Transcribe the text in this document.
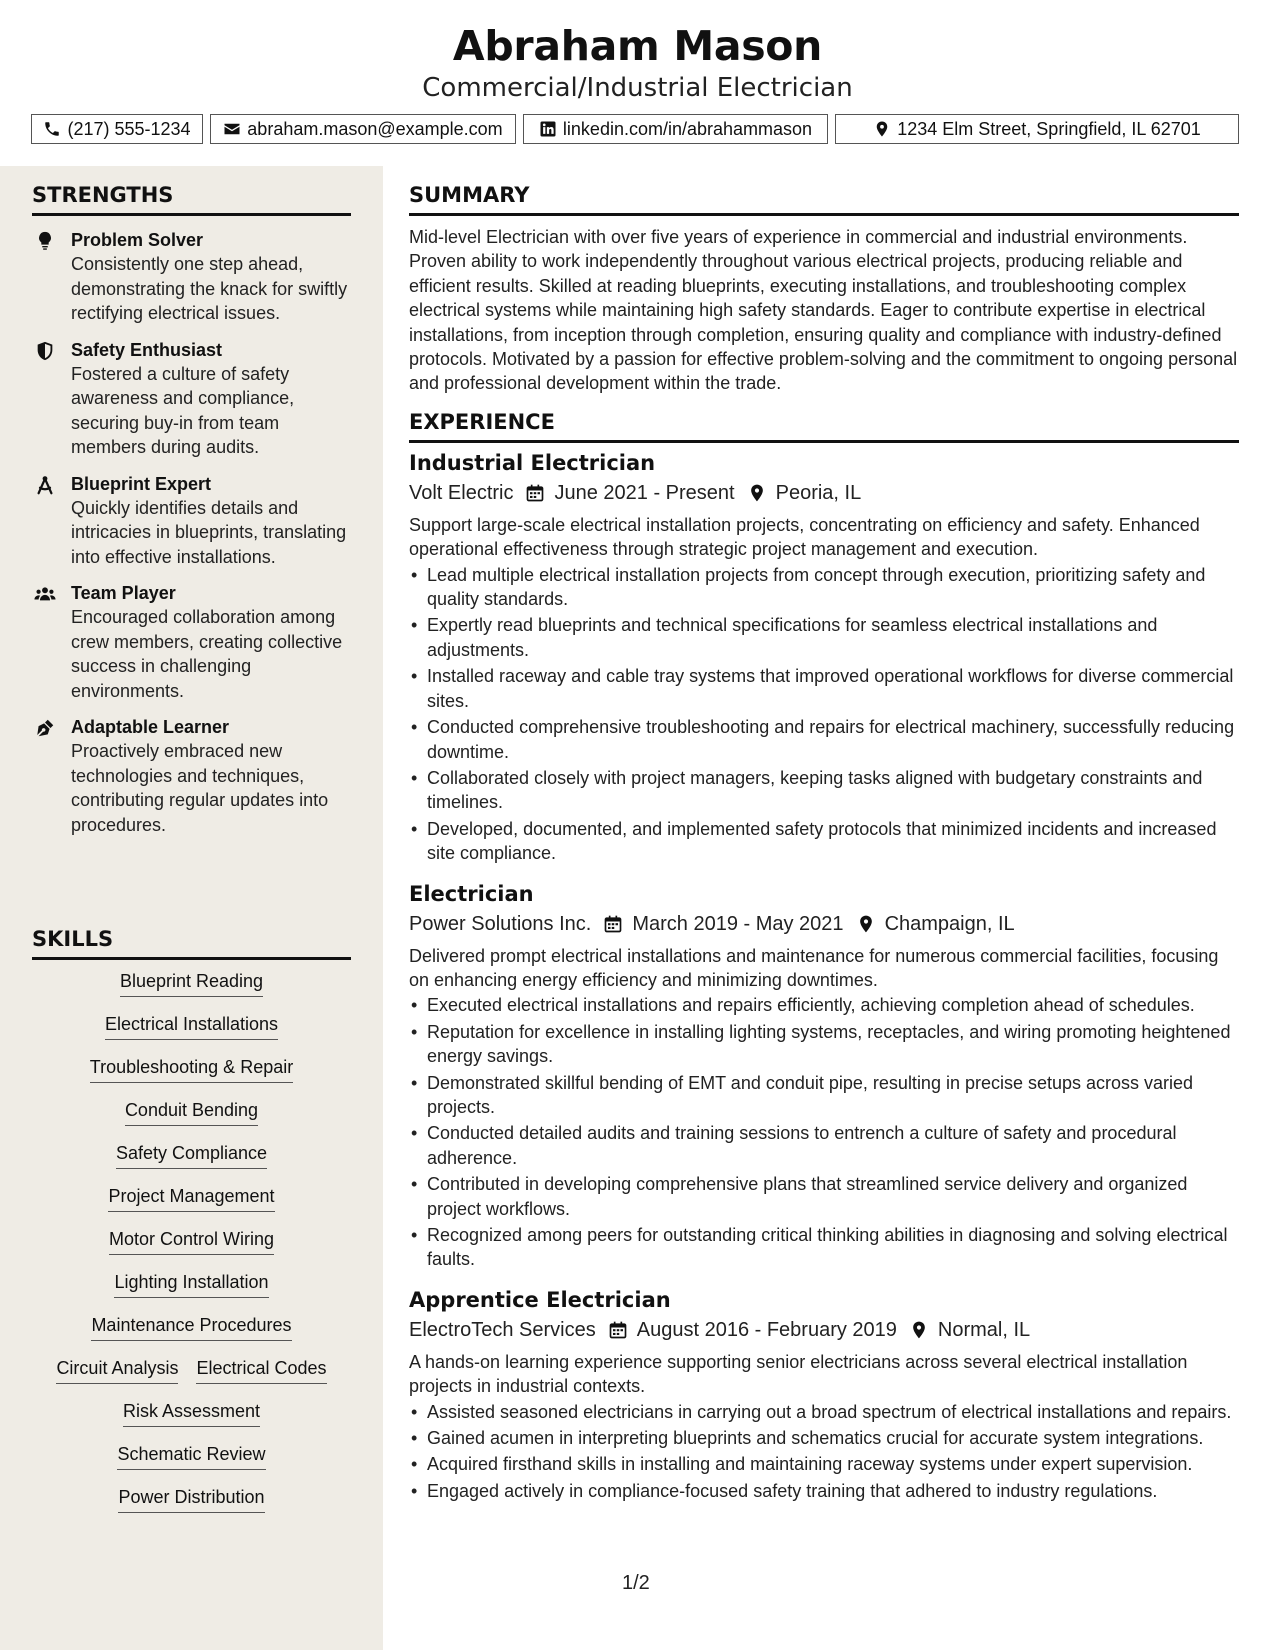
Abraham Mason
Commercial/Industrial Electrician
(217) 555-1234	abraham.mason@example.com	linkedin.com/in/abrahammason	1234 Elm Street, Springfield, IL 62701
STRENGTHS
Problem Solver
Consistently one step ahead, demonstrating the knack for swiftly rectifying electrical issues.
Safety Enthusiast
Fostered a culture of safety awareness and compliance, securing buy-in from team members during audits.
Blueprint Expert
Quickly identifies details and intricacies in blueprints, translating into effective installations.
Team Player
Encouraged collaboration among crew members, creating collective success in challenging environments.
Adaptable Learner
Proactively embraced new technologies and techniques, contributing regular updates into procedures.
SKILLS
Blueprint Reading
Electrical Installations
Troubleshooting & Repair
Conduit Bending
Safety Compliance
Project Management
Motor Control Wiring
Lighting Installation
Maintenance Procedures
Circuit Analysis Electrical Codes
Risk Assessment
Schematic Review
Power Distribution
SUMMARY
Mid-level Electrician with over five years of experience in commercial and industrial environments. Proven ability to work independently throughout various electrical projects, producing reliable and efficient results. Skilled at reading blueprints, executing installations, and troubleshooting complex electrical systems while maintaining high safety standards. Eager to contribute expertise in electrical installations, from inception through completion, ensuring quality and compliance with industry-defined protocols. Motivated by a passion for effective problem-solving and the commitment to ongoing personal and professional development within the trade.
EXPERIENCE
Industrial Electrician
Volt Electric June 2021 - Present Peoria, IL
Support large-scale electrical installation projects, concentrating on efficiency and safety. Enhanced operational effectiveness through strategic project management and execution.
• Lead multiple electrical installation projects from concept through execution, prioritizing safety and quality standards.
• Expertly read blueprints and technical specifications for seamless electrical installations and adjustments.
• Installed raceway and cable tray systems that improved operational workflows for diverse commercial sites.
• Conducted comprehensive troubleshooting and repairs for electrical machinery, successfully reducing downtime.
• Collaborated closely with project managers, keeping tasks aligned with budgetary constraints and timelines.
• Developed, documented, and implemented safety protocols that minimized incidents and increased site compliance.
Electrician
Power Solutions Inc. March 2019 - May 2021 Champaign, IL
Delivered prompt electrical installations and maintenance for numerous commercial facilities, focusing on enhancing energy efficiency and minimizing downtimes.
• Executed electrical installations and repairs efficiently, achieving completion ahead of schedules.
• Reputation for excellence in installing lighting systems, receptacles, and wiring promoting heightened energy savings.
• Demonstrated skillful bending of EMT and conduit pipe, resulting in precise setups across varied projects.
• Conducted detailed audits and training sessions to entrench a culture of safety and procedural adherence.
• Contributed in developing comprehensive plans that streamlined service delivery and organized project workflows.
• Recognized among peers for outstanding critical thinking abilities in diagnosing and solving electrical faults.
Apprentice Electrician
ElectroTech Services August 2016 - February 2019 Normal, IL
A hands-on learning experience supporting senior electricians across several electrical installation projects in industrial contexts.
• Assisted seasoned electricians in carrying out a broad spectrum of electrical installations and repairs.
• Gained acumen in interpreting blueprints and schematics crucial for accurate system integrations.
• Acquired firsthand skills in installing and maintaining raceway systems under expert supervision.
• Engaged actively in compliance-focused safety training that adhered to industry regulations.
1/2
